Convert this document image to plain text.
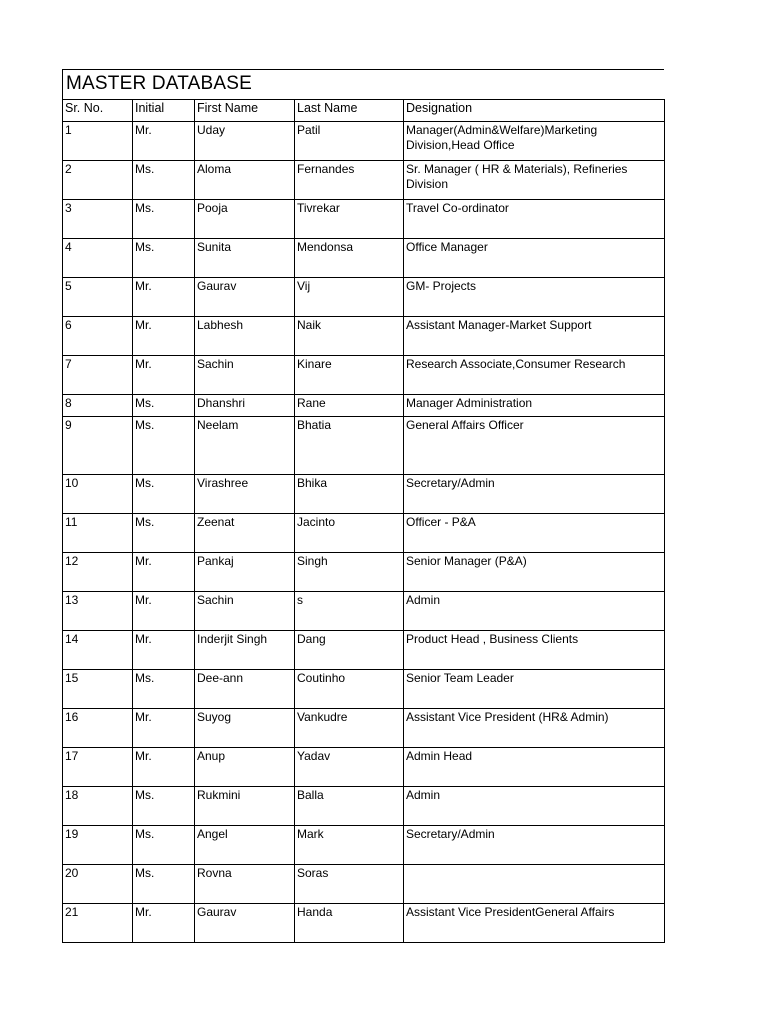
MASTER DATABASE
Sr. No.	Initial	First Name	Last Name	Designation
1	Mr.	Uday	Patil	Manager(Admin&Welfare)Marketing Division,Head Office
2	Ms.	Aloma	Fernandes	Sr. Manager ( HR & Materials), Refineries Division
3	Ms.	Pooja	Tivrekar	Travel Co-ordinator
4	Ms.	Sunita	Mendonsa	Office Manager
5	Mr.	Gaurav	Vij	GM- Projects
6	Mr.	Labhesh	Naik	Assistant Manager-Market Support
7	Mr.	Sachin	Kinare	Research Associate,Consumer Research
8	Ms.	Dhanshri	Rane	Manager Administration
9	Ms.	Neelam	Bhatia	General Affairs Officer
10	Ms.	Virashree	Bhika	Secretary/Admin
11	Ms.	Zeenat	Jacinto	Officer - P&A
12	Mr.	Pankaj	Singh	Senior Manager (P&A)
13	Mr.	Sachin	s	Admin
14	Mr.	Inderjit Singh	Dang	Product Head , Business Clients
15	Ms.	Dee-ann	Coutinho	Senior Team Leader
16	Mr.	Suyog	Vankudre	Assistant Vice President (HR& Admin)
17	Mr.	Anup	Yadav	Admin Head
18	Ms.	Rukmini	Balla	Admin
19	Ms.	Angel	Mark	Secretary/Admin
20	Ms.	Rovna	Soras	
21	Mr.	Gaurav	Handa	Assistant Vice PresidentGeneral Affairs
